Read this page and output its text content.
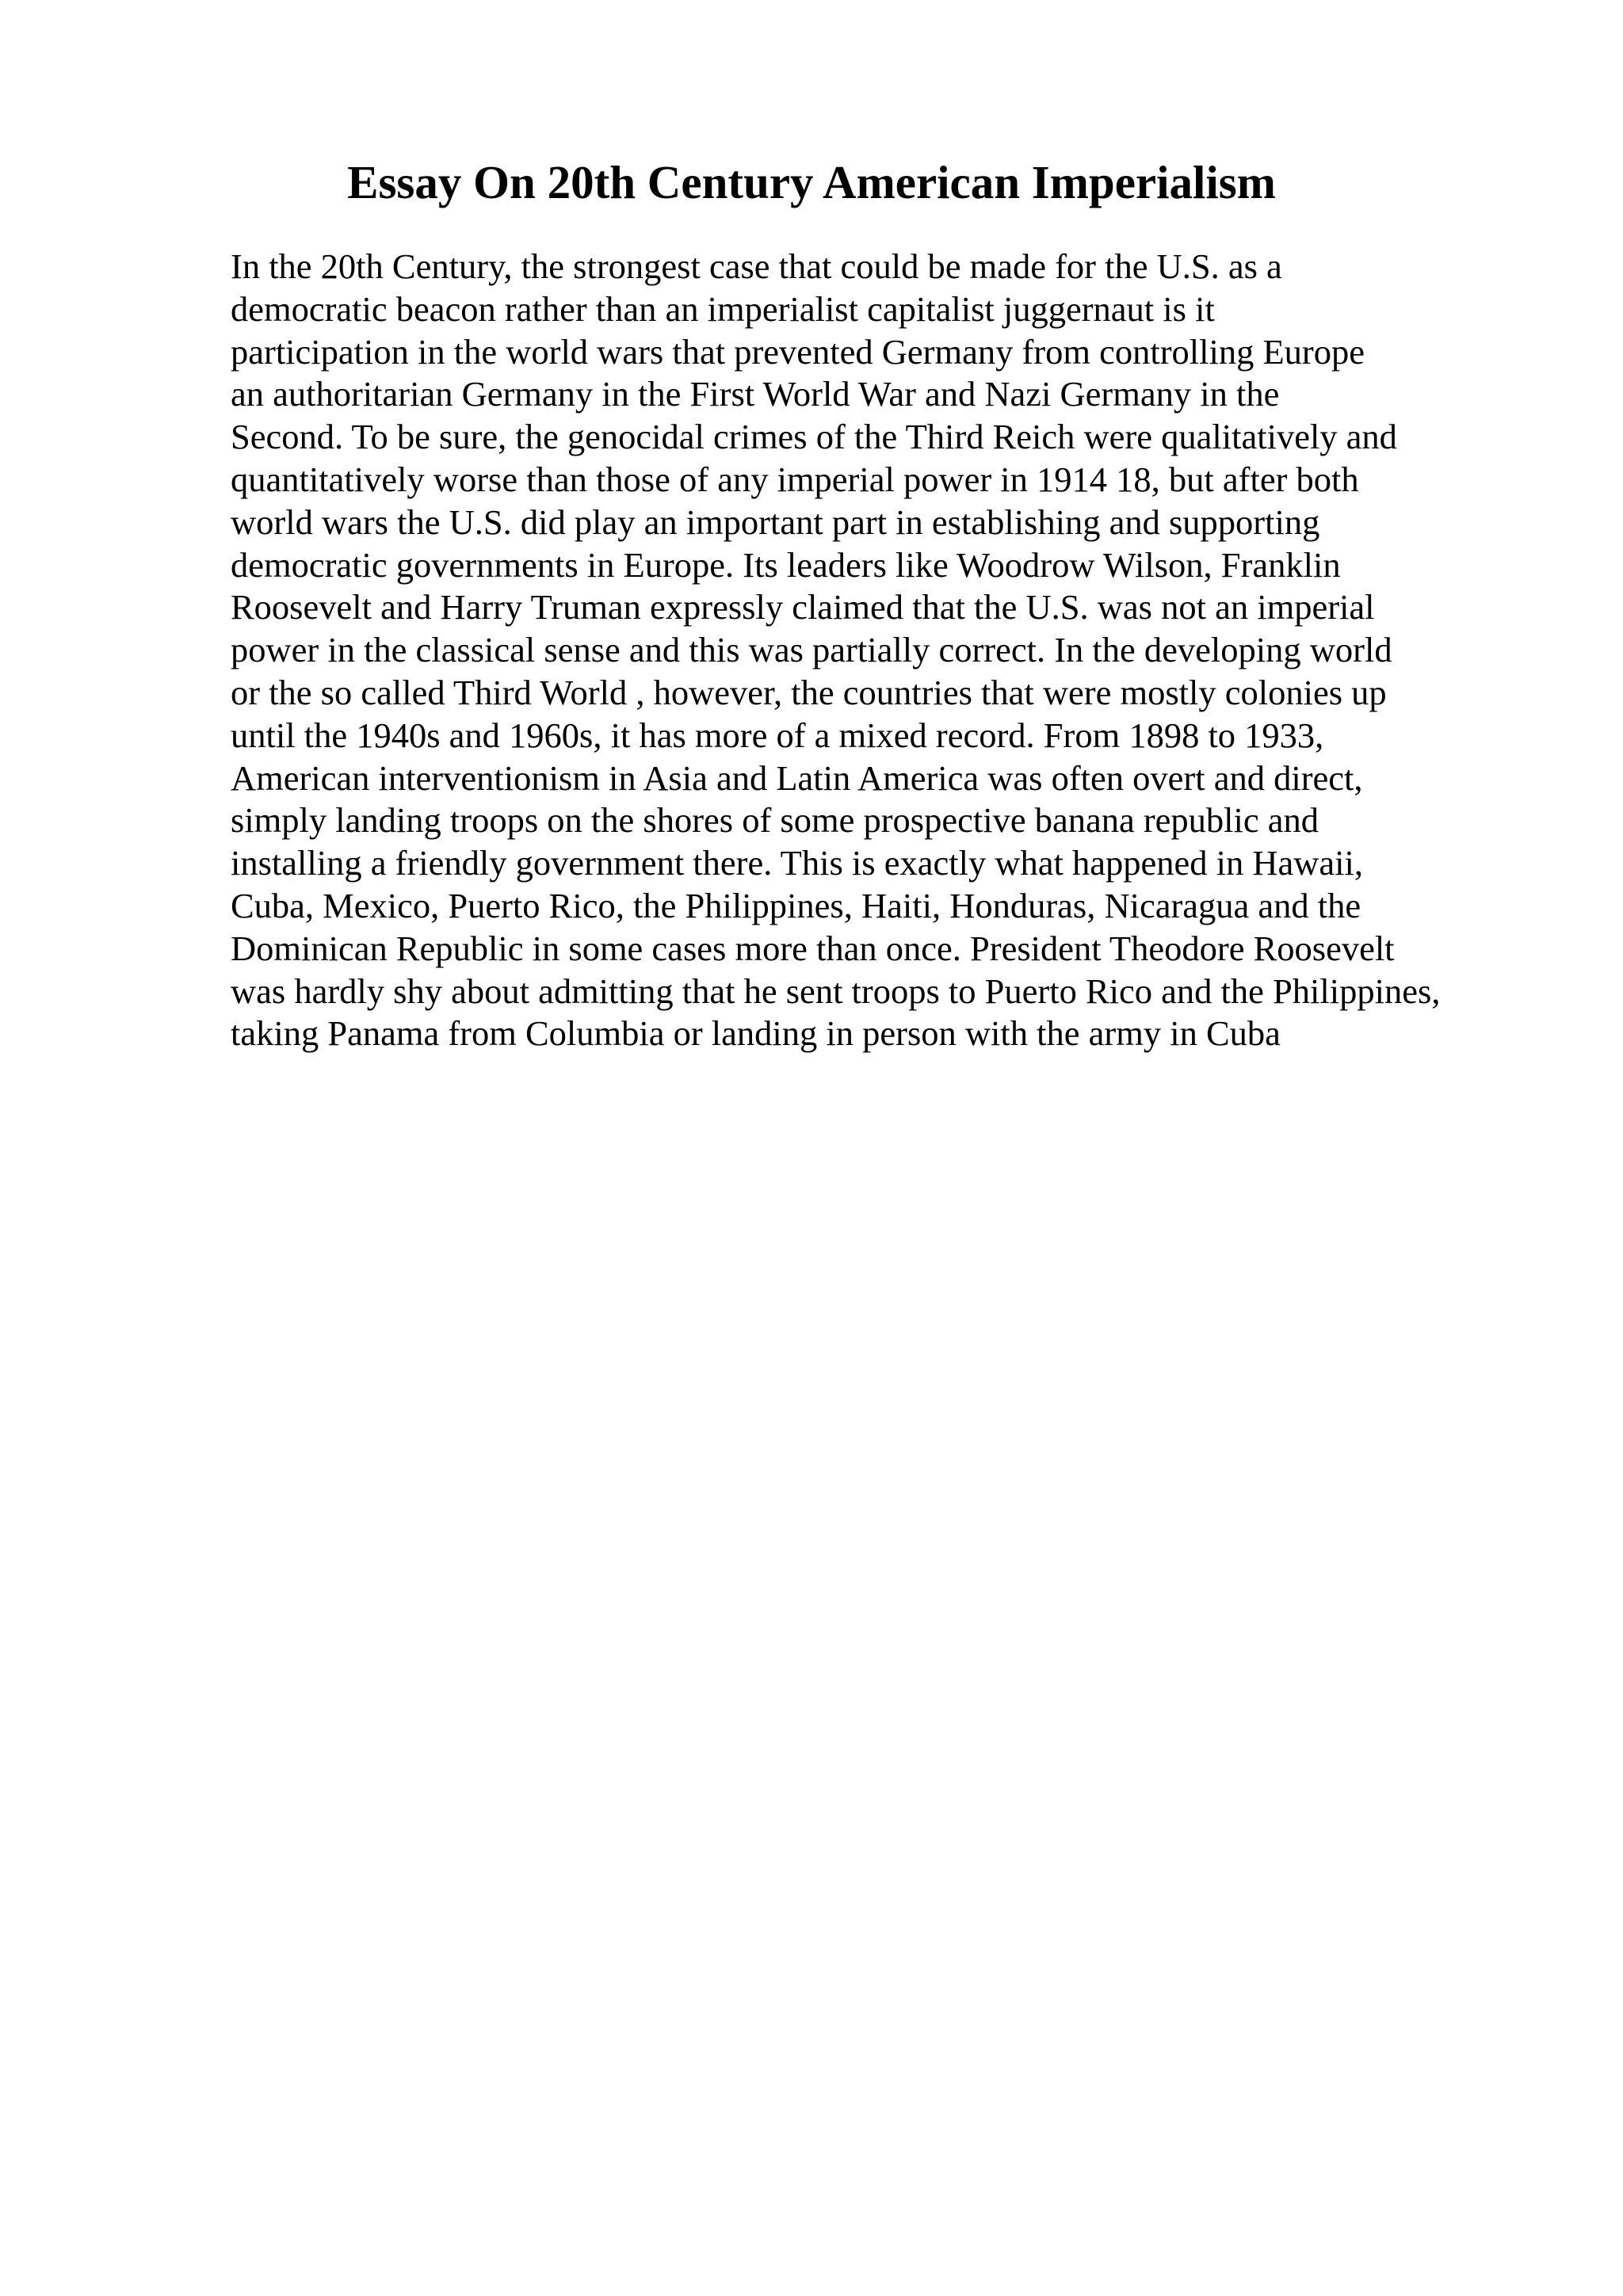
Essay On 20th Century American Imperialism
In the 20th Century, the strongest case that could be made for the U.S. as a
democratic beacon rather than an imperialist capitalist juggernaut is it
participation in the world wars that prevented Germany from controlling Europe
an authoritarian Germany in the First World War and Nazi Germany in the
Second. To be sure, the genocidal crimes of the Third Reich were qualitatively and
quantitatively worse than those of any imperial power in 1914 18, but after both
world wars the U.S. did play an important part in establishing and supporting
democratic governments in Europe. Its leaders like Woodrow Wilson, Franklin
Roosevelt and Harry Truman expressly claimed that the U.S. was not an imperial
power in the classical sense and this was partially correct. In the developing world
or the so called Third World , however, the countries that were mostly colonies up
until the 1940s and 1960s, it has more of a mixed record. From 1898 to 1933,
American interventionism in Asia and Latin America was often overt and direct,
simply landing troops on the shores of some prospective banana republic and
installing a friendly government there. This is exactly what happened in Hawaii,
Cuba, Mexico, Puerto Rico, the Philippines, Haiti, Honduras, Nicaragua and the
Dominican Republic in some cases more than once. President Theodore Roosevelt
was hardly shy about admitting that he sent troops to Puerto Rico and the Philippines,
taking Panama from Columbia or landing in person with the army in Cuba
